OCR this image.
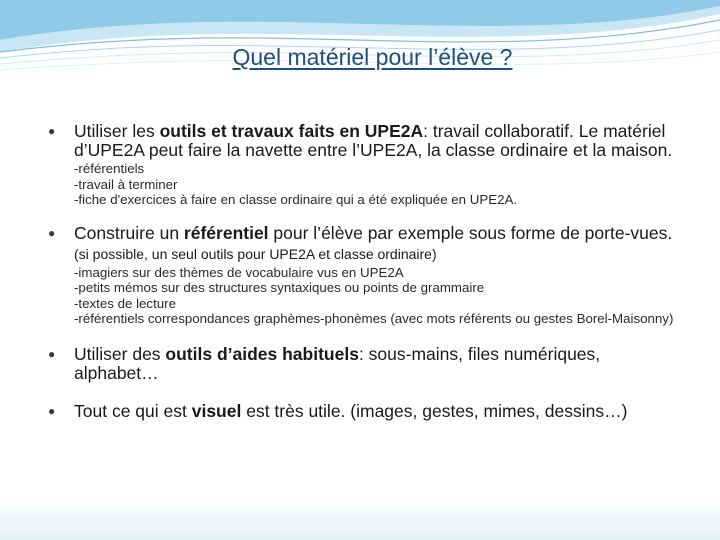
Quel matériel pour l’élève ?
● Utiliser les outils et travaux faits en UPE2A: travail collaboratif. Le matériel d’UPE2A peut faire la navette entre l’UPE2A, la classe ordinaire et la maison.
-référentiels
-travail à terminer
-fiche d'exercices à faire en classe ordinaire qui a été expliquée en UPE2A.
● Construire un référentiel pour l’élève par exemple sous forme de porte-vues. (si possible, un seul outils pour UPE2A et classe ordinaire)
-imagiers sur des thèmes de vocabulaire vus en UPE2A
-petits mémos sur des structures syntaxiques ou points de grammaire
-textes de lecture
-référentiels correspondances graphèmes-phonèmes (avec mots référents ou gestes Borel-Maisonny)
● Utiliser des outils d’aides habituels: sous-mains, files numériques, alphabet…
● Tout ce qui est visuel est très utile. (images, gestes, mimes, dessins…)
